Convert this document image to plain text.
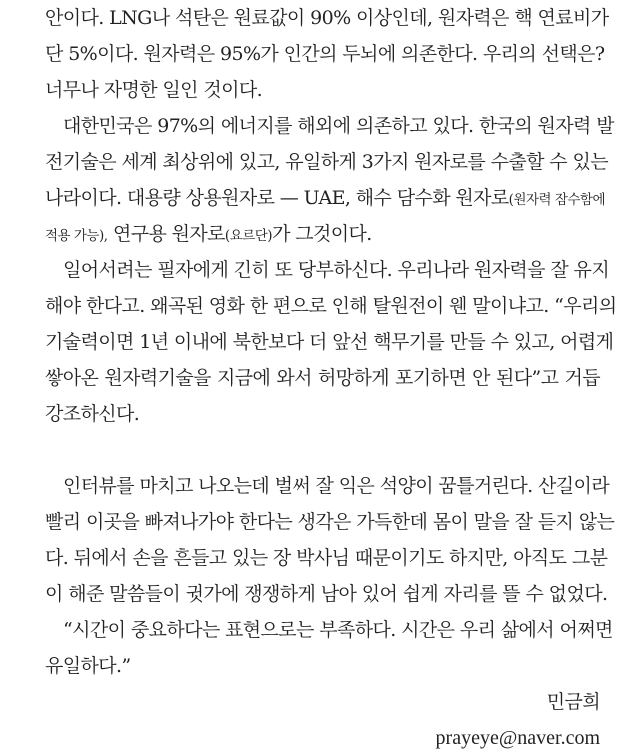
안이다. LNG나 석탄은 원료값이 90% 이상인데, 원자력은 핵 연료비가
단 5%이다. 원자력은 95%가 인간의 두뇌에 의존한다. 우리의 선택은?
너무나 자명한 일인 것이다.
대한민국은 97%의 에너지를 해외에 의존하고 있다. 한국의 원자력 발
전기술은 세계 최상위에 있고, 유일하게 3가지 원자로를 수출할 수 있는
나라이다. 대용량 상용원자로 — UAE, 해수 담수화 원자로(원자력 잠수함에
적용 가능), 연구용 원자로(요르단)가 그것이다.
일어서려는 필자에게 긴히 또 당부하신다. 우리나라 원자력을 잘 유지
해야 한다고. 왜곡된 영화 한 편으로 인해 탈원전이 웬 말이냐고. “우리의
기술력이면 1년 이내에 북한보다 더 앞선 핵무기를 만들 수 있고, 어렵게
쌓아온 원자력기술을 지금에 와서 허망하게 포기하면 안 된다”고 거듭
강조하신다.
인터뷰를 마치고 나오는데 벌써 잘 익은 석양이 꿈틀거린다. 산길이라
빨리 이곳을 빠져나가야 한다는 생각은 가득한데 몸이 말을 잘 듣지 않는
다. 뒤에서 손을 흔들고 있는 장 박사님 때문이기도 하지만, 아직도 그분
이 해준 말씀들이 귓가에 쟁쟁하게 남아 있어 쉽게 자리를 뜰 수 없었다.
“시간이 중요하다는 표현으로는 부족하다. 시간은 우리 삶에서 어쩌면
유일하다.”
민금희
prayeye@naver.com
